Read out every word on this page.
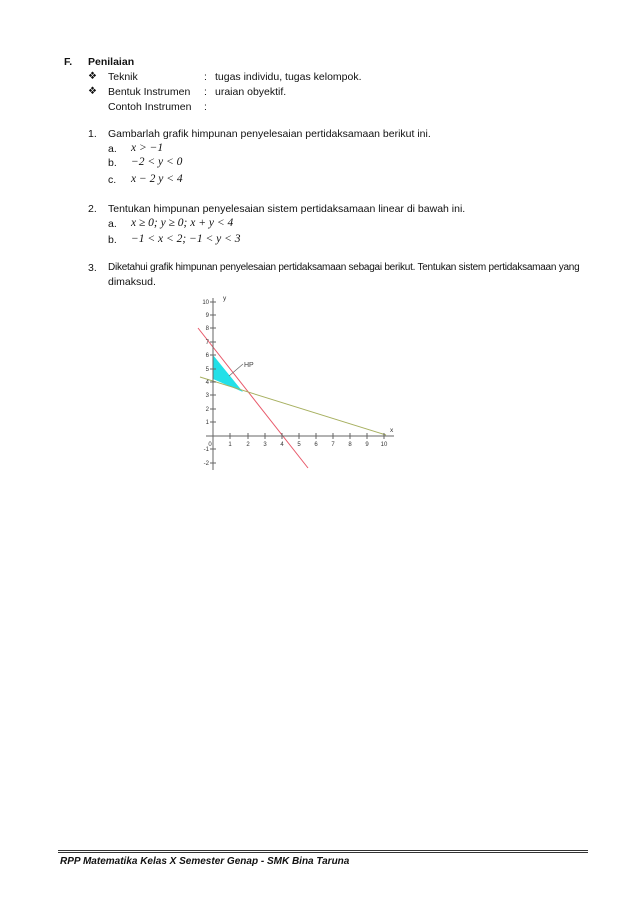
F. Penilaian
❖ Teknik	: tugas individu, tugas kelompok.
❖ Bentuk Instrumen : uraian obyektif.
Contoh Instrumen :
1. Gambarlah grafik himpunan penyelesaian pertidaksamaan berikut ini.
a. x > −1
b. −2 < y < 0
c. x − 2 y < 4
2. Tentukan himpunan penyelesaian sistem pertidaksamaan linear di bawah ini.
a. x ≥ 0; y ≥ 0; x + y < 4
b. −1 < x < 2; −1 < y < 3
3. Diketahui grafik himpunan penyelesaian pertidaksamaan sebagai berikut. Tentukan sistem pertidaksamaan yang
dimaksud.
10
9
8
7
6
5
4
3
2
1
-1
-2
0	1 2 3 4 5 6 7 8 9 10
y
x
HP
RPP Matematika Kelas X Semester Genap - SMK Bina Taruna
